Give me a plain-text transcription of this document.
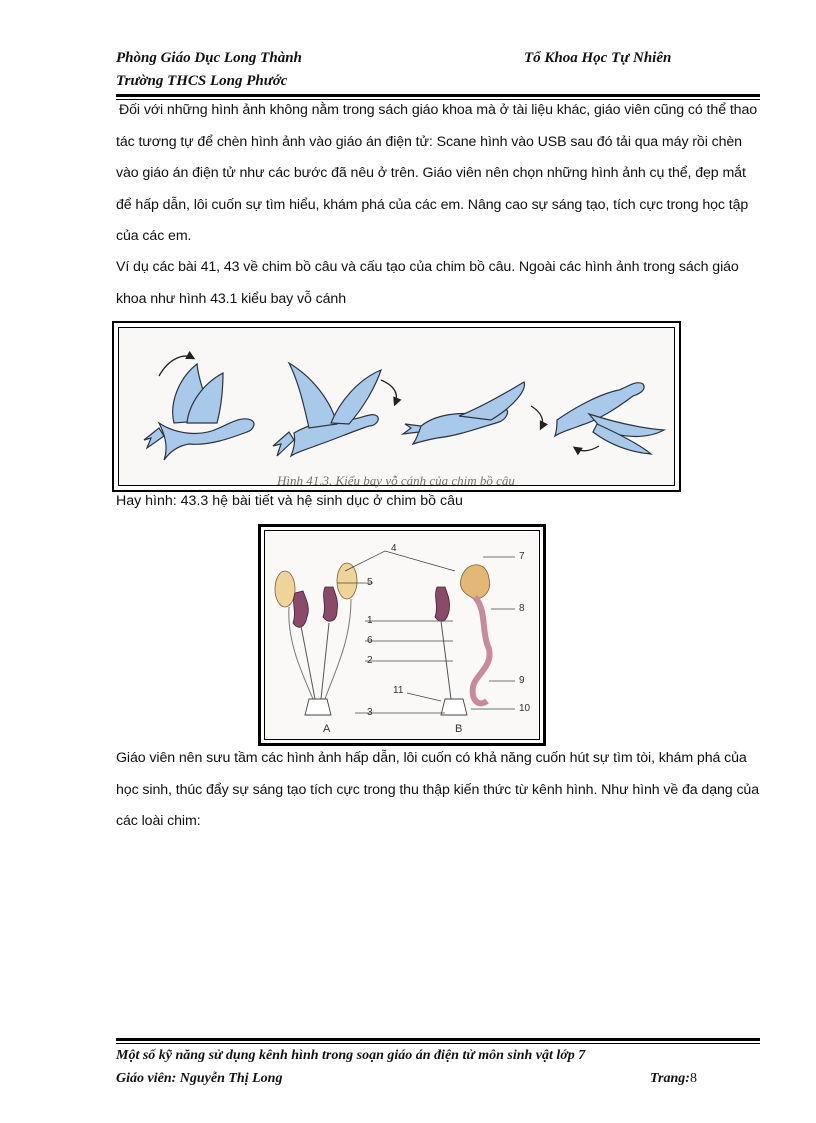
Phòng Giáo Dục Long Thành
Trường THCS Long Phước
Tổ Khoa Học Tự Nhiên
Đối với những hình ảnh không nằm trong sách giáo khoa mà ở tài liệu khác, giáo viên cũng có thể thao tác tương tự để chèn hình ảnh vào giáo án điện tử: Scane hình vào USB sau đó tải qua máy rồi chèn vào giáo án điện tử như các bước đã nêu ở trên. Giáo viên nên chọn những hình ảnh cụ thể, đẹp mắt để hấp dẫn, lôi cuốn sự tìm hiểu, khám phá của các em. Nâng cao sự sáng tạo, tích cực trong học tập của các em.
Ví dụ các bài 41, 43 về chim bồ câu và cấu tạo của chim bồ câu. Ngoài các hình ảnh trong sách giáo khoa như hình 43.1 kiểu bay vỗ cánh
Hình 41.3. Kiểu bay vỗ cánh của chim bồ câu
Hay hình: 43.3 hệ bài tiết và hệ sinh dục ở chim bồ câu
4
5
1
6
2
11
3
7
8
9
10
A	B
Giáo viên nên sưu tầm các hình ảnh hấp dẫn, lôi cuốn có khả năng cuốn hút sự tìm tòi, khám phá của học sinh, thúc đẩy sự sáng tạo tích cực trong thu thập kiến thức từ kênh hình. Như hình về đa dạng của các loài chim:
Một số kỹ năng sử dụng kênh hình trong soạn giáo án điện tử môn sinh vật lớp 7
Giáo viên: Nguyễn Thị Long	Trang:8
